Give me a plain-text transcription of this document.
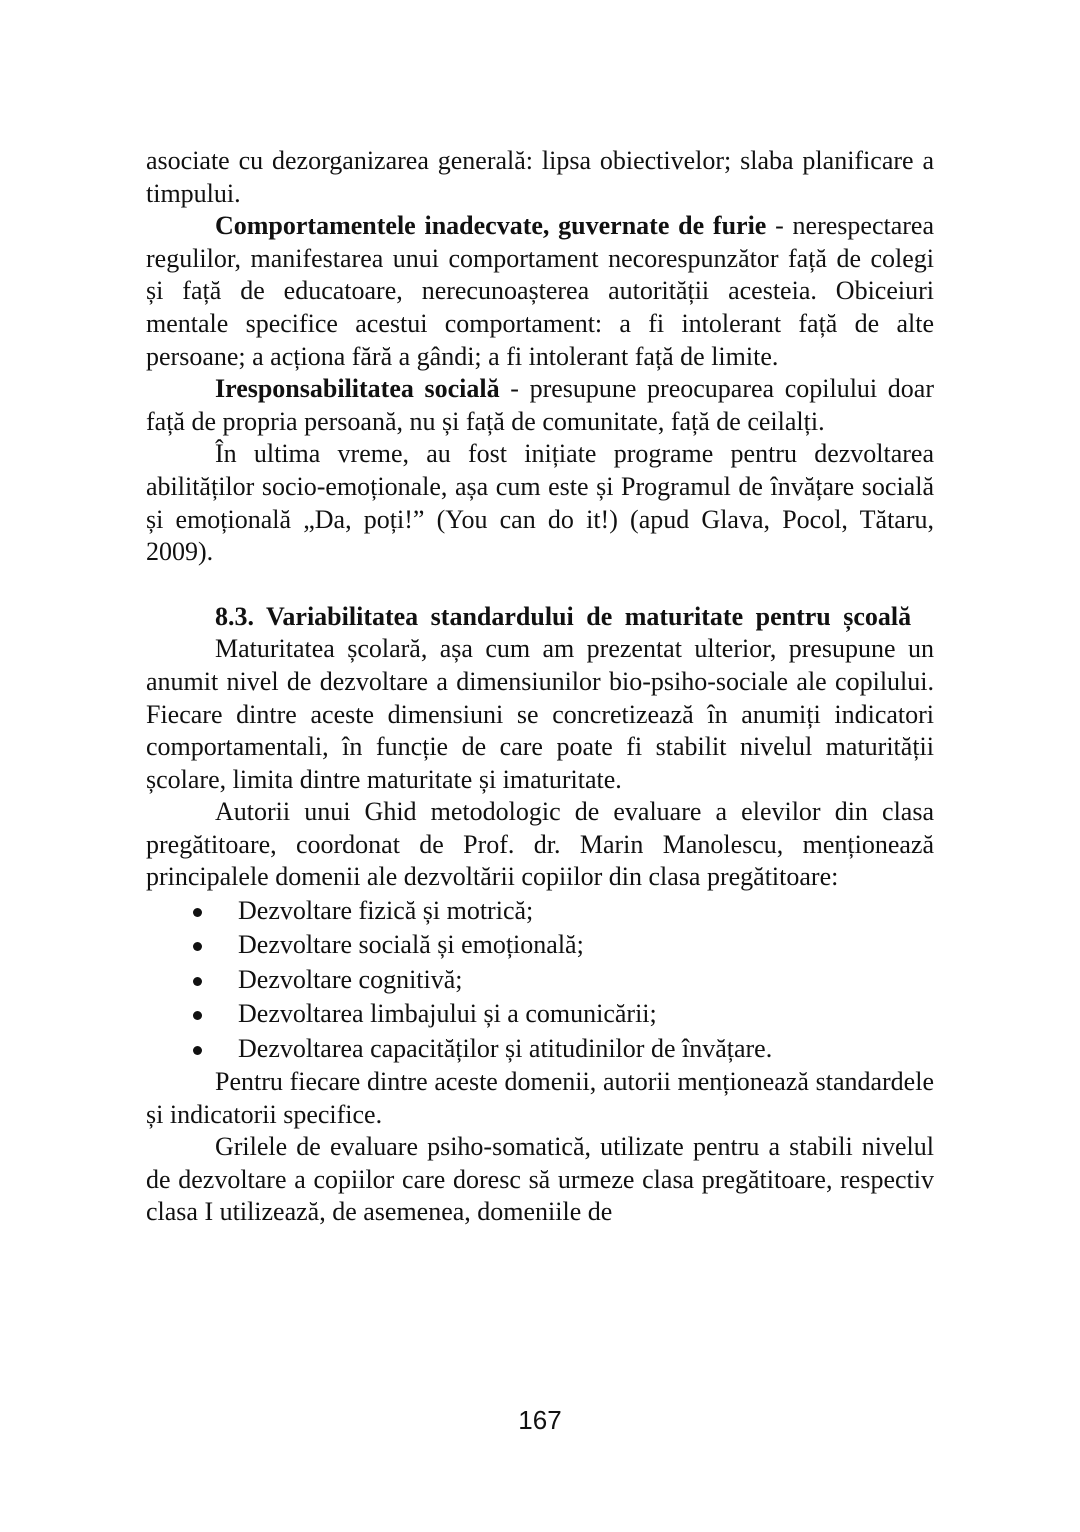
asociate cu dezorganizarea generală: lipsa obiectivelor; slaba planificare a timpului.

Comportamentele inadecvate, guvernate de furie - nerespectarea regulilor, manifestarea unui comportament necorespunzător față de colegi și față de educatoare, nerecunoașterea autorității acesteia. Obiceiuri mentale specifice acestui comportament: a fi intolerant față de alte persoane; a acționa fără a gândi; a fi intolerant față de limite.

Iresponsabilitatea socială - presupune preocuparea copilului doar față de propria persoană, nu și față de comunitate, față de ceilalți.

În ultima vreme, au fost inițiate programe pentru dezvoltarea abilităților socio-emoționale, așa cum este și Programul de învățare socială și emoțională „Da, poți!” (You can do it!) (apud Glava, Pocol, Tătaru, 2009).

8.3. Variabilitatea standardului de maturitate pentru școală

Maturitatea școlară, așa cum am prezentat ulterior, presupune un anumit nivel de dezvoltare a dimensiunilor bio-psiho-sociale ale copilului. Fiecare dintre aceste dimensiuni se concretizează în anumiți indicatori comportamentali, în funcție de care poate fi stabilit nivelul maturității școlare, limita dintre maturitate și imaturitate.

Autorii unui Ghid metodologic de evaluare a elevilor din clasa pregătitoare, coordonat de Prof. dr. Marin Manolescu, menționează principalele domenii ale dezvoltării copiilor din clasa pregătitoare:

Dezvoltare fizică și motrică;
Dezvoltare socială și emoțională;
Dezvoltare cognitivă;
Dezvoltarea limbajului și a comunicării;
Dezvoltarea capacităților și atitudinilor de învățare.

Pentru fiecare dintre aceste domenii, autorii menționează standardele și indicatorii specifice.

Grilele de evaluare psiho-somatică, utilizate pentru a stabili nivelul de dezvoltare a copiilor care doresc să urmeze clasa pregătitoare, respectiv clasa I utilizează, de asemenea, domeniile de

167
